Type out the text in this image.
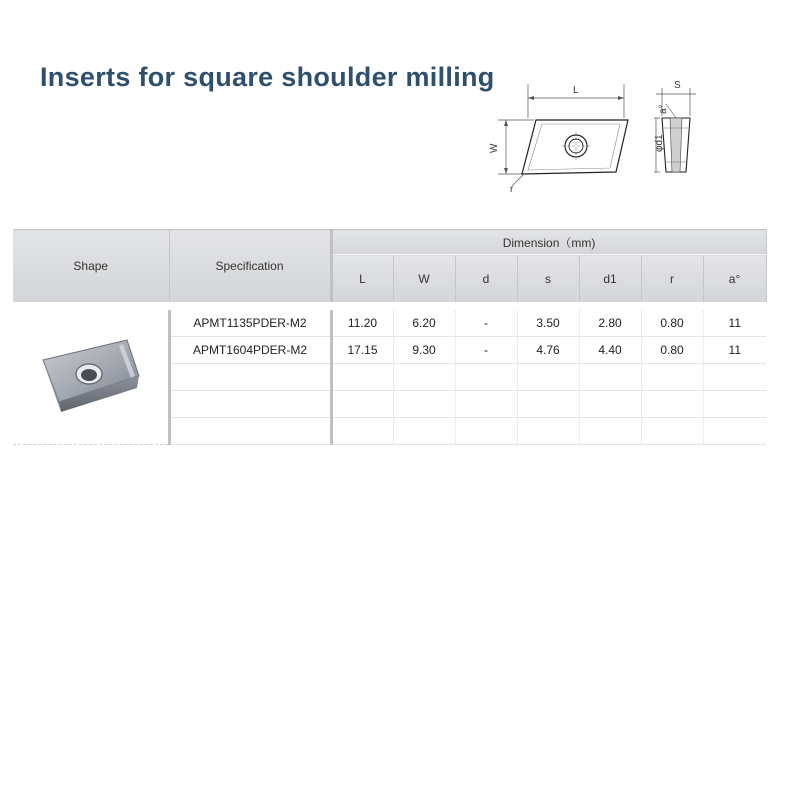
Inserts for square shoulder milling	L
W
r
S
φd1
a°
Shape	Specification	Dimension（mm)						
		L	W	d	s	d1	r	a°
	APMT1135PDER-M2	11.20	6.20	-	3.50	2.80	0.80	11
	APMT1604PDER-M2	17.15	9.30	-	4.76	4.40	0.80	11
